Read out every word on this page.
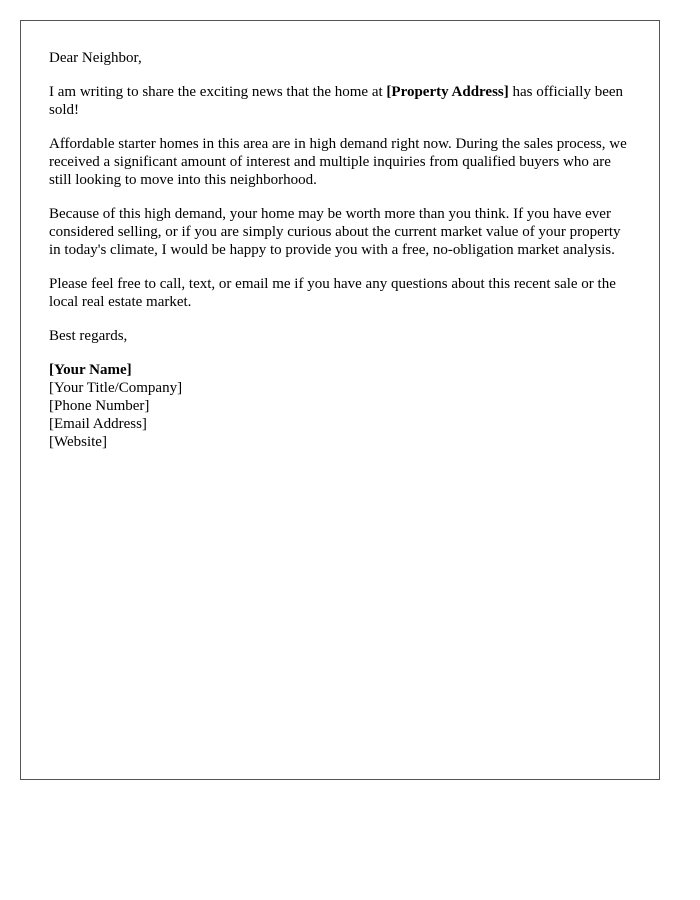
Dear Neighbor,

I am writing to share the exciting news that the home at [Property Address] has officially been sold!

Affordable starter homes in this area are in high demand right now. During the sales process, we received a significant amount of interest and multiple inquiries from qualified buyers who are still looking to move into this neighborhood.

Because of this high demand, your home may be worth more than you think. If you have ever considered selling, or if you are simply curious about the current market value of your property in today's climate, I would be happy to provide you with a free, no-obligation market analysis.

Please feel free to call, text, or email me if you have any questions about this recent sale or the local real estate market.

Best regards,

[Your Name]
[Your Title/Company]
[Phone Number]
[Email Address]
[Website]
